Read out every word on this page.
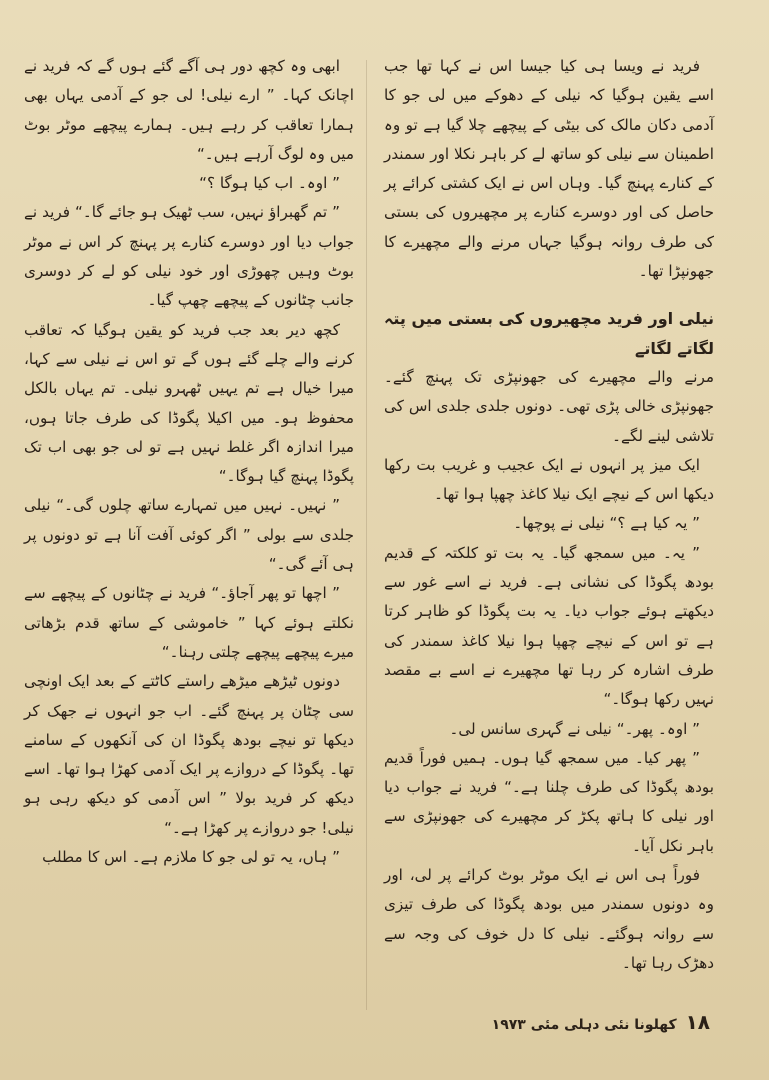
فرید نے ویسا ہی کیا جیسا اس نے کہا تھا جب اسے یقین ہوگیا کہ نیلی کے دھوکے میں لی جو کا آدمی دکان مالک کی بیٹی کے پیچھے چلا گیا ہے تو وہ اطمینان سے نیلی کو ساتھ لے کر باہر نکلا اور سمندر کے کنارے پہنچ گیا۔ وہاں اس نے ایک کشتی کرائے پر حاصل کی اور دوسرے کنارے پر مچھیروں کی بستی کی طرف روانہ ہوگیا جہاں مرنے والے مچھیرے کا جھونپڑا تھا۔

نیلی اور فرید مچھیروں کی بستی میں پتہ لگاتے لگاتے

مرنے والے مچھیرے کی جھونپڑی تک پہنچ گئے۔ جھونپڑی خالی پڑی تھی۔ دونوں جلدی جلدی اس کی تلاشی لینے لگے۔

ایک میز پر انہوں نے ایک عجیب و غریب بت رکھا دیکھا اس کے نیچے ایک نیلا کاغذ چھپا ہوا تھا۔

” یہ کیا ہے ؟“ نیلی نے پوچھا۔

” یہ۔ میں سمجھ گیا۔ یہ بت تو کلکتہ کے قدیم بودھ پگوڈا کی نشانی ہے۔ فرید نے اسے غور سے دیکھتے ہوئے جواب دیا۔ یہ بت پگوڈا کو ظاہر کرتا ہے تو اس کے نیچے چھپا ہوا نیلا کاغذ سمندر کی طرف اشارہ کر رہا تھا مچھیرے نے اسے بے مقصد نہیں رکھا ہوگا۔“

” اوہ۔ پھر۔“ نیلی نے گہری سانس لی۔

” پھر کیا۔ میں سمجھ گیا ہوں۔ ہمیں فوراً قدیم بودھ پگوڈا کی طرف چلنا ہے۔“ فرید نے جواب دیا اور نیلی کا ہاتھ پکڑ کر مچھیرے کی جھونپڑی سے باہر نکل آیا۔

فوراً ہی اس نے ایک موٹر بوٹ کرائے پر لی، اور وہ دونوں سمندر میں بودھ پگوڈا کی طرف تیزی سے روانہ ہوگئے۔ نیلی کا دل خوف کی وجہ سے دھڑک رہا تھا۔

ابھی وہ کچھ دور ہی آگے گئے ہوں گے کہ فرید نے اچانک کہا۔ ” ارے نیلی! لی جو کے آدمی یہاں بھی ہمارا تعاقب کر رہے ہیں۔ ہمارے پیچھے موٹر بوٹ میں وہ لوگ آرہے ہیں۔“

” اوہ۔ اب کیا ہوگا ؟“

” تم گھبراؤ نہیں، سب ٹھیک ہو جائے گا۔“ فرید نے جواب دیا اور دوسرے کنارے پر پہنچ کر اس نے موٹر بوٹ وہیں چھوڑی اور خود نیلی کو لے کر دوسری جانب چٹانوں کے پیچھے چھپ گیا۔

کچھ دیر بعد جب فرید کو یقین ہوگیا کہ تعاقب کرنے والے چلے گئے ہوں گے تو اس نے نیلی سے کہا، میرا خیال ہے تم یہیں ٹھہرو نیلی۔ تم یہاں بالکل محفوظ ہو۔ میں اکیلا پگوڈا کی طرف جاتا ہوں، میرا اندازہ اگر غلط نہیں ہے تو لی جو بھی اب تک پگوڈا پہنچ گیا ہوگا۔“

” نہیں۔ نہیں میں تمہارے ساتھ چلوں گی۔“ نیلی جلدی سے بولی ” اگر کوئی آفت آنا ہے تو دونوں پر ہی آئے گی۔“

” اچھا تو پھر آجاؤ۔“ فرید نے چٹانوں کے پیچھے سے نکلتے ہوئے کہا ” خاموشی کے ساتھ قدم بڑھاتی میرے پیچھے پیچھے چلتی رہنا۔“

دونوں ٹیڑھے میڑھے راستے کاٹتے کے بعد ایک اونچی سی چٹان پر پہنچ گئے۔ اب جو انہوں نے جھک کر دیکھا تو نیچے بودھ پگوڈا ان کی آنکھوں کے سامنے تھا۔ پگوڈا کے دروازے پر ایک آدمی کھڑا ہوا تھا۔ اسے دیکھ کر فرید بولا ” اس آدمی کو دیکھ رہی ہو نیلی! جو دروازے پر کھڑا ہے۔“

” ہاں، یہ تو لی جو کا ملازم ہے۔ اس کا مطلب

۱۸ کھلونا نئی دہلی مئی ۱۹۷۳
